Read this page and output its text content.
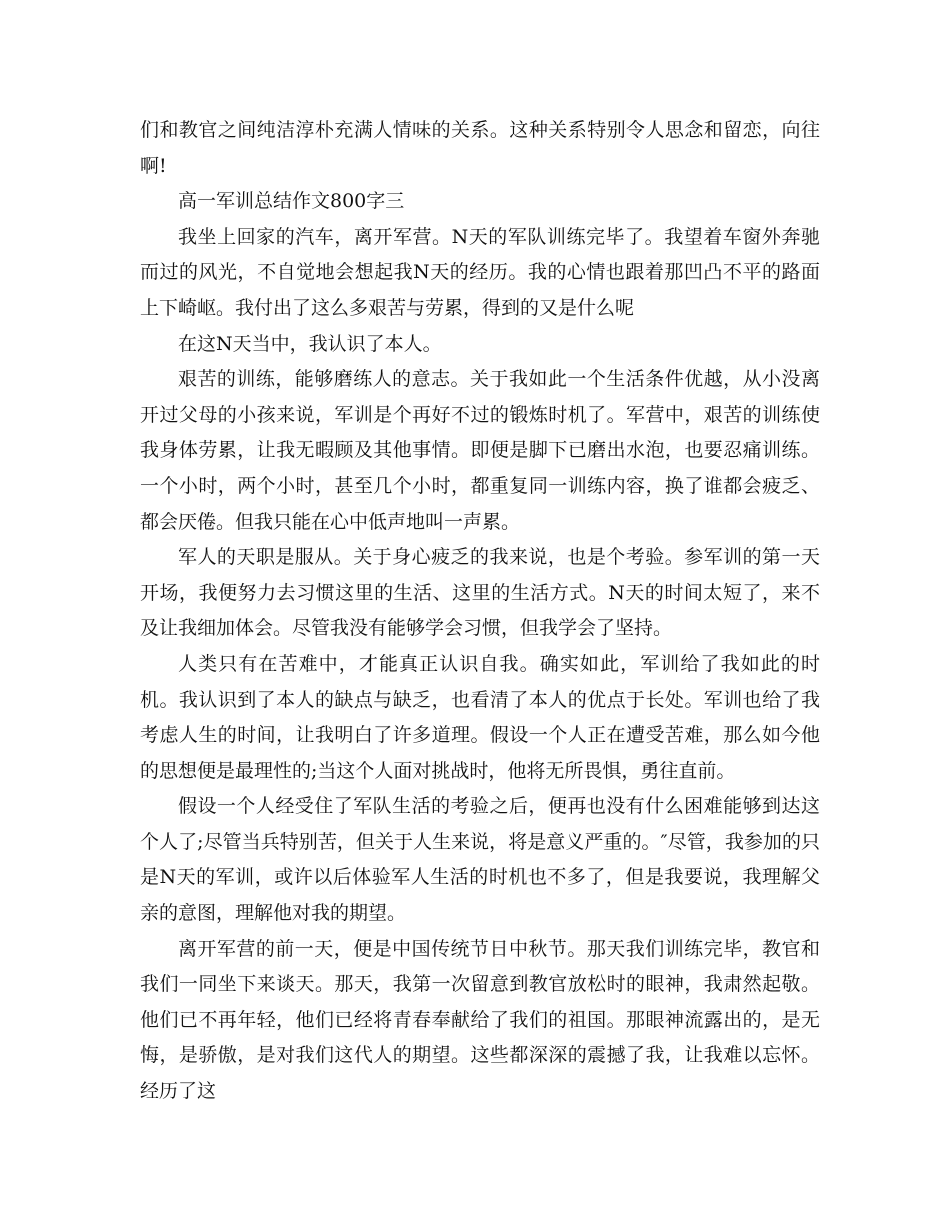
们和教官之间纯洁淳朴充满人情味的关系。这种关系特别令人思念和留恋，向往啊!

高一军训总结作文800字三

我坐上回家的汽车，离开军营。N天的军队训练完毕了。我望着车窗外奔驰而过的风光，不自觉地会想起我N天的经历。我的心情也跟着那凹凸不平的路面上下崎岖。我付出了这么多艰苦与劳累，得到的又是什么呢

在这N天当中，我认识了本人。

艰苦的训练，能够磨练人的意志。关于我如此一个生活条件优越，从小没离开过父母的小孩来说，军训是个再好不过的锻炼时机了。军营中，艰苦的训练使我身体劳累，让我无暇顾及其他事情。即便是脚下已磨出水泡，也要忍痛训练。一个小时，两个小时，甚至几个小时，都重复同一训练内容，换了谁都会疲乏、都会厌倦。但我只能在心中低声地叫一声累。

军人的天职是服从。关于身心疲乏的我来说，也是个考验。参军训的第一天开场，我便努力去习惯这里的生活、这里的生活方式。N天的时间太短了，来不及让我细加体会。尽管我没有能够学会习惯，但我学会了坚持。

人类只有在苦难中，才能真正认识自我。确实如此，军训给了我如此的时机。我认识到了本人的缺点与缺乏，也看清了本人的优点于长处。军训也给了我考虑人生的时间，让我明白了许多道理。假设一个人正在遭受苦难，那么如今他的思想便是最理性的;当这个人面对挑战时，他将无所畏惧，勇往直前。

假设一个人经受住了军队生活的考验之后，便再也没有什么困难能够到达这个人了;尽管当兵特别苦，但关于人生来说，将是意义严重的。″尽管，我参加的只是N天的军训，或许以后体验军人生活的时机也不多了，但是我要说，我理解父亲的意图，理解他对我的期望。

离开军营的前一天，便是中国传统节日中秋节。那天我们训练完毕，教官和我们一同坐下来谈天。那天，我第一次留意到教官放松时的眼神，我肃然起敬。他们已不再年轻，他们已经将青春奉献给了我们的祖国。那眼神流露出的，是无悔，是骄傲，是对我们这代人的期望。这些都深深的震撼了我，让我难以忘怀。经历了这
